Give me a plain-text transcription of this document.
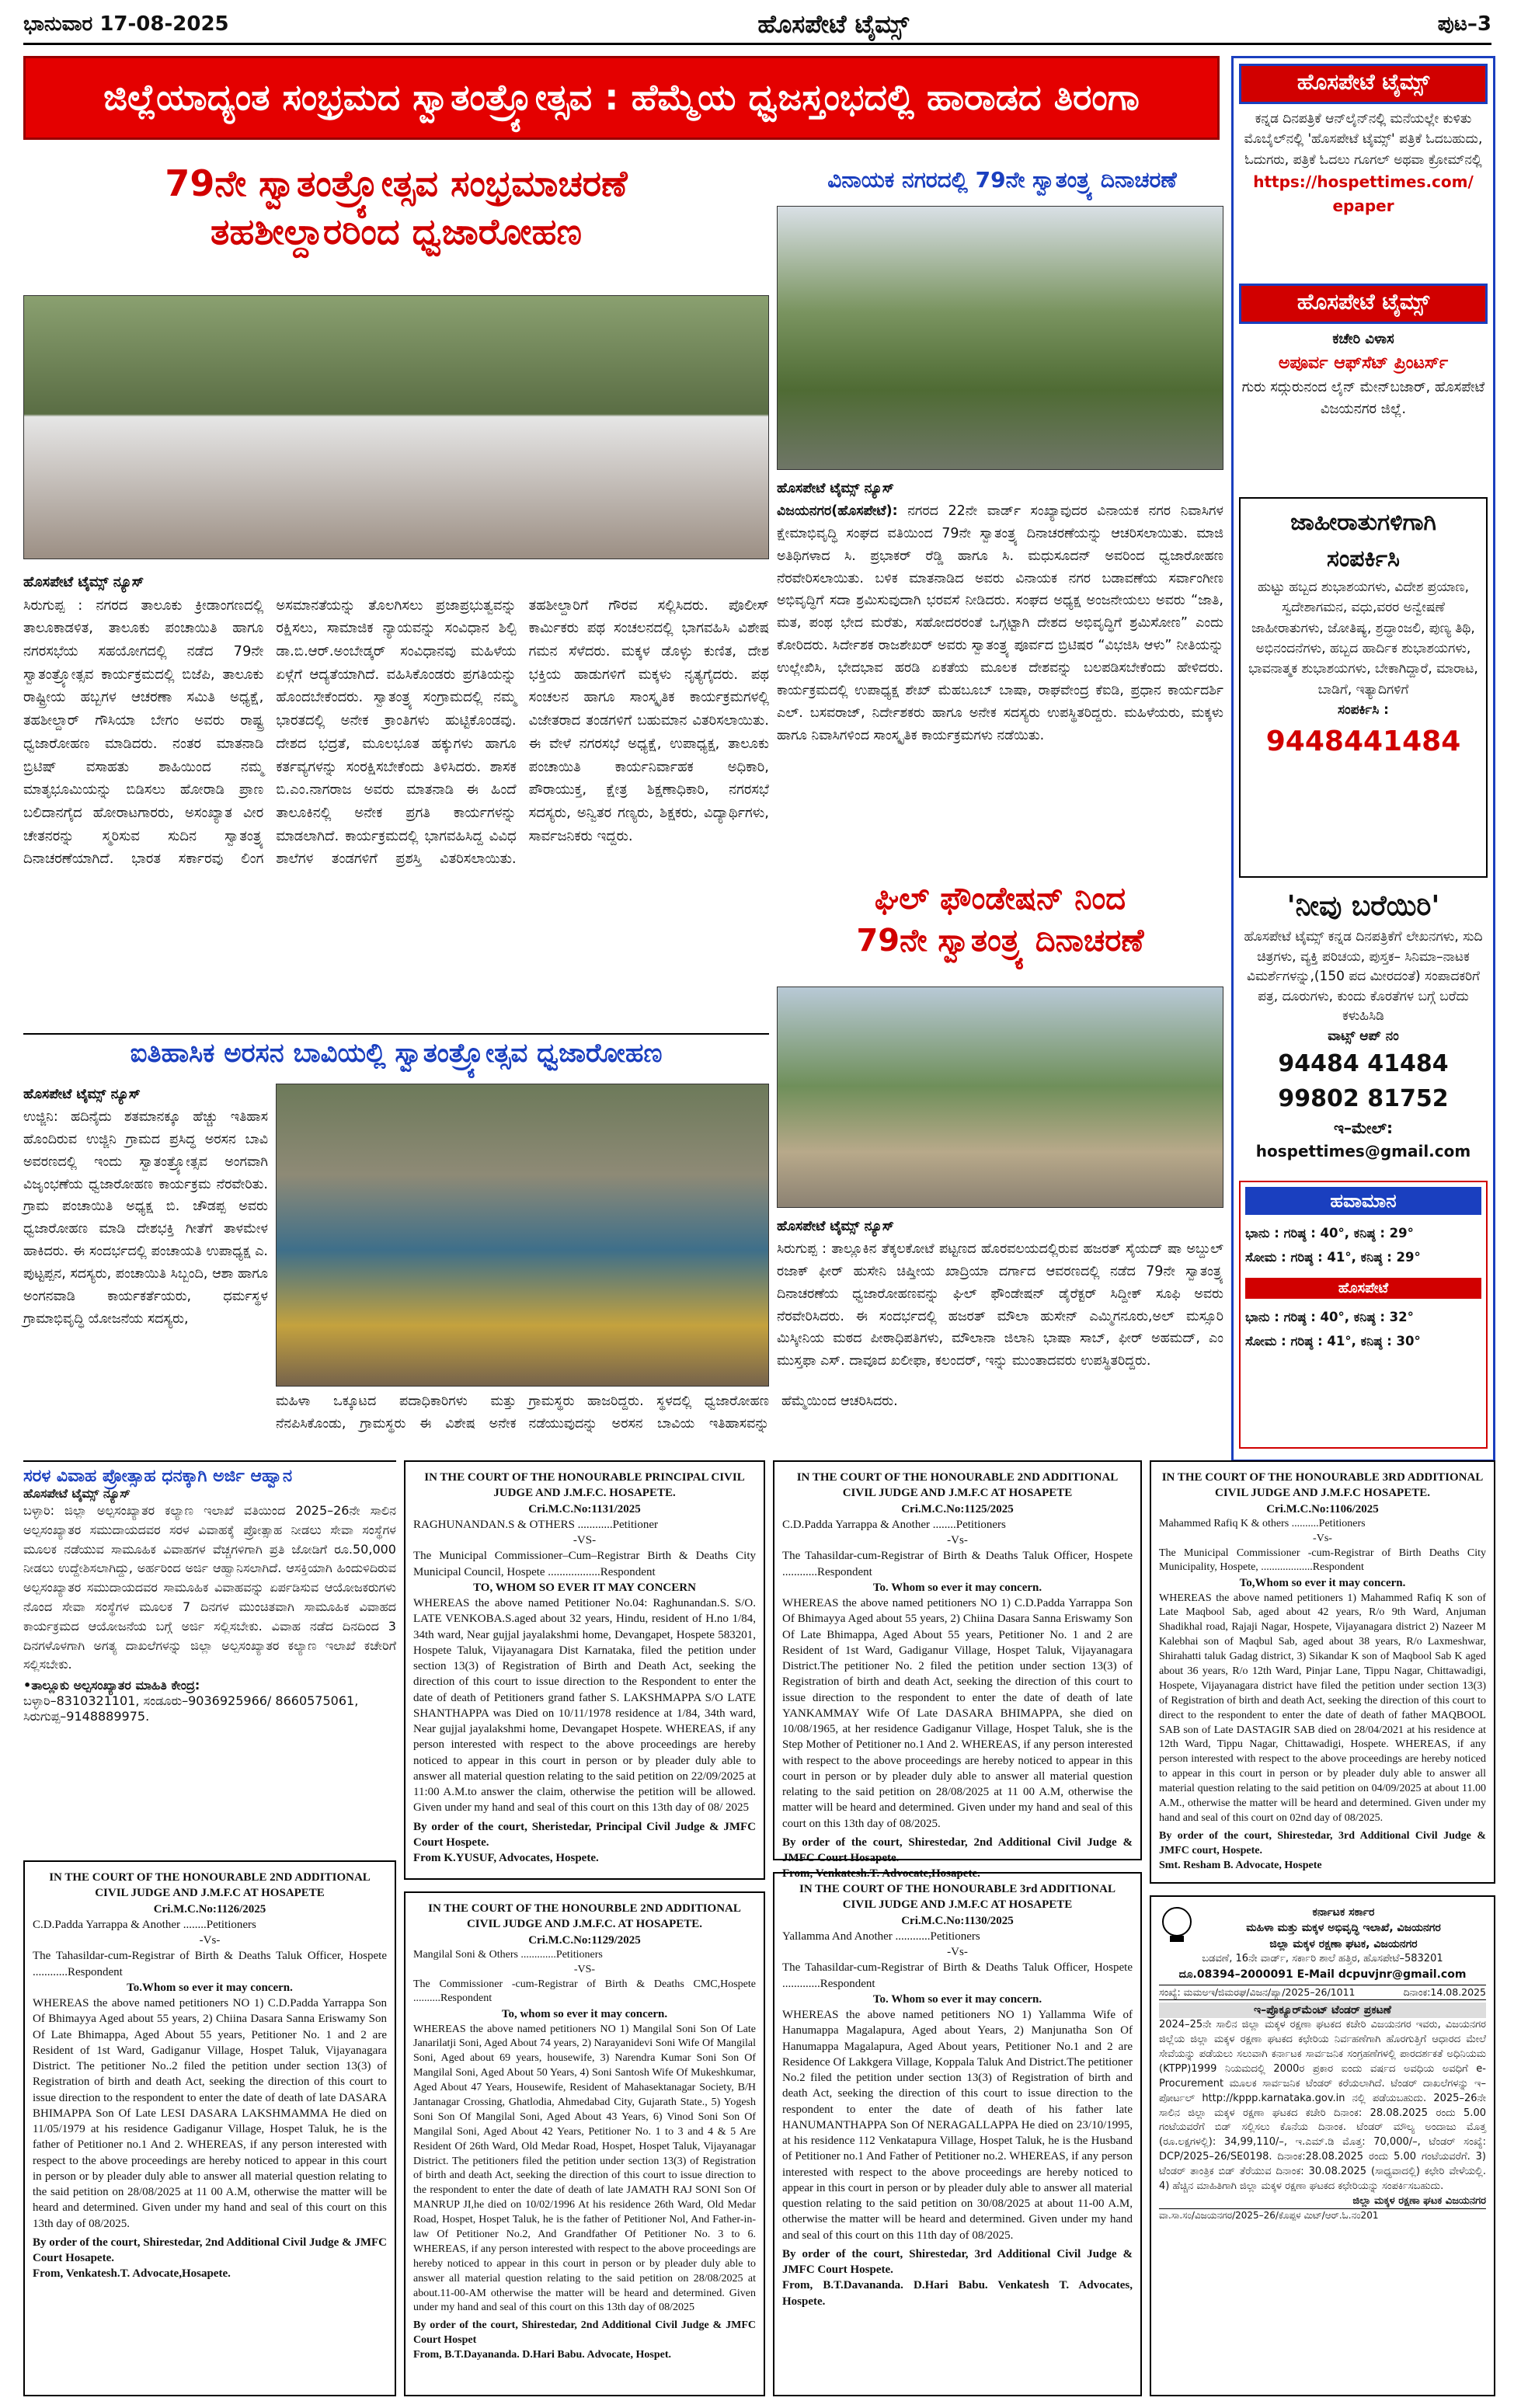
ಭಾನುವಾರ 17-08-2025	ಹೊಸಪೇಟೆ ಟೈಮ್ಸ್	ಪುಟ–3
ಜಿಲ್ಲೆಯಾದ್ಯಂತ ಸಂಭ್ರಮದ ಸ್ವಾತಂತ್ರ್ಯೋತ್ಸವ : ಹೆಮ್ಮೆಯ ಧ್ವಜಸ್ತಂಭದಲ್ಲಿ ಹಾರಾಡದ ತಿರಂಗಾ
79ನೇ ಸ್ವಾತಂತ್ರ್ಯೋತ್ಸವ ಸಂಭ್ರಮಾಚರಣೆ
ತಹಶೀಲ್ದಾರರಿಂದ ಧ್ವಜಾರೋಹಣ
ಹೊಸಪೇಟೆ ಟೈಮ್ಸ್ ನ್ಯೂಸ್
ಸಿರುಗುಪ್ಪ : ನಗರದ ತಾಲೂಕು ಕ್ರೀಡಾಂಗಣದಲ್ಲಿ ತಾಲೂಕಾಡಳಿತ, ತಾಲೂಕು ಪಂಚಾಯಿತಿ ಹಾಗೂ ನಗರಸಭೆಯ ಸಹಯೋಗದಲ್ಲಿ ನಡೆದ 79ನೇ ಸ್ವಾತಂತ್ರ್ಯೋತ್ಸವ ಕಾರ್ಯಕ್ರಮದಲ್ಲಿ ಬಿಜೆಪಿ, ತಾಲೂಕು ರಾಷ್ಟ್ರೀಯ ಹಬ್ಬಗಳ ಆಚರಣಾ ಸಮಿತಿ ಅಧ್ಯಕ್ಷೆ, ತಹಶೀಲ್ದಾರ್ ಗೌಸಿಯಾ ಬೇಗಂ ಅವರು ರಾಷ್ಟ್ರ ಧ್ವಜಾರೋಹಣ ಮಾಡಿದರು. ನಂತರ ಮಾತನಾಡಿ ಬ್ರಿಟಿಷ್ ವಸಾಹತು ಶಾಹಿಯಿಂದ ನಮ್ಮ ಮಾತೃಭೂಮಿಯನ್ನು ಬಿಡಿಸಲು ಹೋರಾಡಿ ಪ್ರಾಣ ಬಲಿದಾನಗೈದ ಹೋರಾಟಗಾರರು, ಅಸಂಖ್ಯಾತ ವೀರ ಚೇತನರನ್ನು ಸ್ಮರಿಸುವ ಸುದಿನ ಸ್ವಾತಂತ್ರ್ಯ ದಿನಾಚರಣೆಯಾಗಿದೆ. ಭಾರತ ಸರ್ಕಾರವು ಲಿಂಗ ಅಸಮಾನತೆಯನ್ನು ತೊಲಗಿಸಲು ಪ್ರಜಾಪ್ರಭುತ್ವವನ್ನು ರಕ್ಷಿಸಲು, ಸಾಮಾಜಿಕ ನ್ಯಾಯವನ್ನು ಸಂವಿಧಾನ ಶಿಲ್ಪಿ ಡಾ.ಬಿ.ಆರ್.ಅಂಬೇಡ್ಕರ್ ಸಂವಿಧಾನವು ಮಹಿಳೆಯ ಏಳ್ಗೆಗೆ ಆದ್ಯತೆಯಾಗಿದೆ. ವಹಿಸಿಕೊಂಡರು ಪ್ರಗತಿಯನ್ನು ಹೊಂದಬೇಕೆಂದರು. ಸ್ವಾತಂತ್ರ್ಯ ಸಂಗ್ರಾಮದಲ್ಲಿ ನಮ್ಮ ಭಾರತದಲ್ಲಿ ಅನೇಕ ಕ್ರಾಂತಿಗಳು ಹುಟ್ಟಿಕೊಂಡವು. ದೇಶದ ಭದ್ರತೆ, ಮೂಲಭೂತ ಹಕ್ಕುಗಳು ಹಾಗೂ ಕರ್ತವ್ಯಗಳನ್ನು ಸಂರಕ್ಷಿಸಬೇಕೆಂದು ತಿಳಿಸಿದರು. ಶಾಸಕ ಬಿ.ಎಂ.ನಾಗರಾಜ ಅವರು ಮಾತನಾಡಿ ಈ ಹಿಂದೆ ತಾಲೂಕಿನಲ್ಲಿ ಅನೇಕ ಪ್ರಗತಿ ಕಾರ್ಯಗಳನ್ನು ಮಾಡಲಾಗಿದೆ. ಕಾರ್ಯಕ್ರಮದಲ್ಲಿ ಭಾಗವಹಿಸಿದ್ದ ವಿವಿಧ ಶಾಲೆಗಳ ತಂಡಗಳಿಗೆ ಪ್ರಶಸ್ತಿ ವಿತರಿಸಲಾಯಿತು. ತಹಶೀಲ್ದಾರಿಗೆ ಗೌರವ ಸಲ್ಲಿಸಿದರು. ಪೊಲೀಸ್ ಕಾರ್ಮಿಕರು ಪಥ ಸಂಚಲನದಲ್ಲಿ ಭಾಗವಹಿಸಿ ವಿಶೇಷ ಗಮನ ಸೆಳೆದರು. ಮಕ್ಕಳ ಡೊಳ್ಳು ಕುಣಿತ, ದೇಶ ಭಕ್ತಿಯ ಹಾಡುಗಳಿಗೆ ಮಕ್ಕಳು ನೃತ್ಯಗೈದರು. ಪಥ ಸಂಚಲನ ಹಾಗೂ ಸಾಂಸ್ಕೃತಿಕ ಕಾರ್ಯಕ್ರಮಗಳಲ್ಲಿ ವಿಜೇತರಾದ ತಂಡಗಳಿಗೆ ಬಹುಮಾನ ವಿತರಿಸಲಾಯಿತು. ಈ ವೇಳೆ ನಗರಸಭೆ ಅಧ್ಯಕ್ಷೆ, ಉಪಾಧ್ಯಕ್ಷ, ತಾಲೂಕು ಪಂಚಾಯಿತಿ ಕಾರ್ಯನಿರ್ವಾಹಕ ಅಧಿಕಾರಿ, ಪೌರಾಯುಕ್ತ, ಕ್ಷೇತ್ರ ಶಿಕ್ಷಣಾಧಿಕಾರಿ, ನಗರಸಭೆ ಸದಸ್ಯರು, ಅನ್ವಿತರ ಗಣ್ಯರು, ಶಿಕ್ಷಕರು, ವಿದ್ಯಾರ್ಥಿಗಳು, ಸಾರ್ವಜನಿಕರು ಇದ್ದರು.
ವಿನಾಯಕ ನಗರದಲ್ಲಿ 79ನೇ ಸ್ವಾತಂತ್ರ್ಯ ದಿನಾಚರಣೆ
ಹೊಸಪೇಟೆ ಟೈಮ್ಸ್ ನ್ಯೂಸ್
ವಿಜಯನಗರ(ಹೊಸಪೇಟೆ): ನಗರದ 22ನೇ ವಾರ್ಡ್ ಸಂಖ್ಯಾವುದರ ವಿನಾಯಕ ನಗರ ನಿವಾಸಿಗಳ ಕ್ಷೇಮಾಭಿವೃದ್ಧಿ ಸಂಘದ ವತಿಯಿಂದ 79ನೇ ಸ್ವಾತಂತ್ರ್ಯ ದಿನಾಚರಣೆಯನ್ನು ಆಚರಿಸಲಾಯಿತು. ಮಾಜಿ ಅತಿಥಿಗಳಾದ ಸಿ. ಪ್ರಭಾಕರ್ ರೆಡ್ಡಿ ಹಾಗೂ ಸಿ. ಮಧುಸೂದನ್ ಅವರಿಂದ ಧ್ವಜಾರೋಹಣ ನೆರವೇರಿಸಲಾಯಿತು. ಬಳಿಕ ಮಾತನಾಡಿದ ಅವರು ವಿನಾಯಕ ನಗರ ಬಡಾವಣೆಯ ಸರ್ವಾಂಗೀಣ ಅಭಿವೃದ್ಧಿಗೆ ಸದಾ ಶ್ರಮಿಸುವುದಾಗಿ ಭರವಸೆ ನೀಡಿದರು. ಸಂಘದ ಅಧ್ಯಕ್ಷ ಅಂಜನೇಯಲು ಅವರು “ಜಾತಿ, ಮತ, ಪಂಥ ಭೇದ ಮರೆತು, ಸಹೋದರರಂತೆ ಒಗ್ಗಟ್ಟಾಗಿ ದೇಶದ ಅಭಿವೃದ್ಧಿಗೆ ಶ್ರಮಿಸೋಣ” ಎಂದು ಕೋರಿದರು. ಸಿರ್ದೇಶಕ ರಾಜಶೇಖರ್ ಅವರು ಸ್ವಾತಂತ್ರ್ಯ ಪೂರ್ವದ ಬ್ರಿಟಿಷರ “ವಿಭಜಿಸಿ ಆಳು” ನೀತಿಯನ್ನು ಉಲ್ಲೇಖಿಸಿ, ಭೇದಭಾವ ಹರಡಿ ಏಕತೆಯ ಮೂಲಕ ದೇಶವನ್ನು ಬಲಪಡಿಸಬೇಕೆಂದು ಹೇಳಿದರು. ಕಾರ್ಯಕ್ರಮದಲ್ಲಿ ಉಪಾಧ್ಯಕ್ಷ ಶೇಖ್ ಮೆಹಬೂಬ್ ಬಾಷಾ, ರಾಘವೇಂದ್ರ ಕೆಐಡಿ, ಪ್ರಧಾನ ಕಾರ್ಯದರ್ಶಿ ಎಲ್. ಬಸವರಾಜ್, ನಿರ್ದೇಶಕರು ಹಾಗೂ ಅನೇಕ ಸದಸ್ಯರು ಉಪಸ್ಥಿತರಿದ್ದರು. ಮಹಿಳೆಯರು, ಮಕ್ಕಳು ಹಾಗೂ ನಿವಾಸಿಗಳಿಂದ ಸಾಂಸ್ಕೃತಿಕ ಕಾರ್ಯಕ್ರಮಗಳು ನಡೆಯಿತು.
ಘಿಲ್ ಫೌಂಡೇಷನ್ ನಿಂದ
79ನೇ ಸ್ವಾತಂತ್ರ್ಯ ದಿನಾಚರಣೆ
ಹೊಸಪೇಟೆ ಟೈಮ್ಸ್ ನ್ಯೂಸ್
ಸಿರುಗುಪ್ಪ : ತಾಲ್ಲೂಕಿನ ತೆಕ್ಕಲಕೋಟೆ ಪಟ್ಟಣದ ಹೊರವಲಯದಲ್ಲಿರುವ ಹಜರತ್ ಸೈಯದ್ ಷಾ ಅಬ್ದುಲ್ ರಜಾಕ್ ಫೀರ್ ಹುಸೇನಿ ಚಿಷ್ತೀಯ ಖಾದ್ರಿಯಾ ದರ್ಗಾದ ಆವರಣದಲ್ಲಿ ನಡೆದ 79ನೇ ಸ್ವಾತಂತ್ರ್ಯ ದಿನಾಚರಣೆಯ ಧ್ವಜಾರೋಹಣವನ್ನು ಘಿಲ್ ಫೌಂಡೇಷನ್ ಡೈರೆಕ್ಟರ್ ಸಿದ್ದೀಕ್ ಸೂಫಿ ಅವರು ನೆರವೇರಿಸಿದರು. ಈ ಸಂದರ್ಭದಲ್ಲಿ ಹಜರತ್ ಮೌಲಾ ಹುಸೇನ್ ಎಮ್ಮಿಗನೂರು,ಅಲ್ ಮಸ್ಸೂರಿ ಮಿಸ್ಕೀನಿಯ ಮಠದ ಪೀಠಾಧಿಪತಿಗಳು, ಮೌಲಾನಾ ಜಿಲಾನಿ ಭಾಷಾ ಸಾಬ್, ಫೀರ್ ಅಹಮದ್, ಎಂ ಮುಸ್ತಫಾ ಎಸ್. ದಾವೂದ ಖಲೀಫಾ, ಕಲಂದರ್, ಇನ್ನು ಮುಂತಾದವರು ಉಪಸ್ಥಿತರಿದ್ದರು.
ಐತಿಹಾಸಿಕ ಅರಸನ ಬಾವಿಯಲ್ಲಿ ಸ್ವಾತಂತ್ರ್ಯೋತ್ಸವ ಧ್ವಜಾರೋಹಣ
ಹೊಸಪೇಟೆ ಟೈಮ್ಸ್ ನ್ಯೂಸ್
ಉಜ್ಜಿನಿ: ಹದಿನೈದು ಶತಮಾನಕ್ಕೂ ಹೆಚ್ಚು ಇತಿಹಾಸ ಹೊಂದಿರುವ ಉಜ್ಜಿನಿ ಗ್ರಾಮದ ಪ್ರಸಿದ್ಧ ಅರಸನ ಬಾವಿ ಅವರಣದಲ್ಲಿ ಇಂದು ಸ್ವಾತಂತ್ರ್ಯೋತ್ಸವ ಅಂಗವಾಗಿ ವಿಜೃಂಭಣೆಯ ಧ್ವಜಾರೋಹಣ ಕಾರ್ಯಕ್ರಮ ನೆರವೇರಿತು. ಗ್ರಾಮ ಪಂಚಾಯಿತಿ ಅಧ್ಯಕ್ಷ ಬಿ. ಚೌಡಪ್ಪ ಅವರು ಧ್ವಜಾರೋಹಣ ಮಾಡಿ ದೇಶಭಕ್ತಿ ಗೀತೆಗೆ ತಾಳಮೇಳ ಹಾಕಿದರು. ಈ ಸಂದರ್ಭದಲ್ಲಿ ಪಂಚಾಯತಿ ಉಪಾಧ್ಯಕ್ಷ ಎ. ಪುಟ್ಟಪ್ಪನ, ಸದಸ್ಯರು, ಪಂಚಾಯಿತಿ ಸಿಬ್ಬಂದಿ, ಆಶಾ ಹಾಗೂ ಅಂಗನವಾಡಿ ಕಾರ್ಯಕರ್ತೆಯರು, ಧರ್ಮಸ್ಥಳ ಗ್ರಾಮಾಭಿವೃದ್ಧಿ ಯೋಜನೆಯ ಸದಸ್ಯರು,
ಮಹಿಳಾ ಒಕ್ಕೂಟದ ಪದಾಧಿಕಾರಿಗಳು ಮತ್ತು ನೆನಪಿಸಿಕೊಂಡು, ಗ್ರಾಮಸ್ಥರು ಈ ವಿಶೇಷ ಅನೇಕ ಗ್ರಾಮಸ್ಥರು ಹಾಜರಿದ್ದರು. ಸ್ಥಳದಲ್ಲಿ ಧ್ವಜಾರೋಹಣ ನಡೆಯುವುದನ್ನು ಅರಸನ ಬಾವಿಯ ಇತಿಹಾಸವನ್ನು ಹೆಮ್ಮೆಯಿಂದ ಆಚರಿಸಿದರು.
ಹೊಸಪೇಟೆ ಟೈಮ್ಸ್
ಕನ್ನಡ ದಿನಪತ್ರಿಕೆ ಆನ್‌ಲೈನ್‌ನಲ್ಲಿ ಮನೆಯಲ್ಲೇ ಕುಳಿತು ಮೊಬೈಲ್‌ನಲ್ಲಿ 'ಹೊಸಪೇಟೆ ಟೈಮ್ಸ್' ಪತ್ರಿಕೆ ಓದಬಹುದು, ಓದುಗರು, ಪತ್ರಿಕೆ ಓದಲು ಗೂಗಲ್ ಅಥವಾ ಕ್ರೋಮ್‌ನಲ್ಲಿ
https://hospettimes.com/ epaper
ಹೊಸಪೇಟೆ ಟೈಮ್ಸ್
ಕಚೇರಿ ವಿಳಾಸ
ಅಪೂರ್ವ ಆಫ್‌ಸೆಟ್ ಪ್ರಿಂಟರ್ಸ್
ಗುರು ಸದ್ಗುರುನಂದ ಲೈನ್ ಮೇನ್‌ಬಜಾರ್, ಹೊಸಪೇಟೆ
ವಿಜಯನಗರ ಜಿಲ್ಲೆ.
ಜಾಹೀರಾತುಗಳಿಗಾಗಿ
ಸಂಪರ್ಕಿಸಿ
ಹುಟ್ಟು ಹಬ್ಬದ ಶುಭಾಶಯಗಳು, ವಿದೇಶ ಪ್ರಯಾಣ, ಸ್ವದೇಶಾಗಮನ, ವಧು,ವರರ ಅನ್ವೇಷಣೆ ಜಾಹೀರಾತುಗಳು, ಜೋತಿಷ್ಯ, ಶ್ರದ್ಧಾಂಜಲಿ, ಪುಣ್ಯ ತಿಥಿ, ಅಭಿನಂದನೆಗಳು, ಹಬ್ಬದ ಹಾರ್ದಿಕ ಶುಭಾಶಯಗಳು, ಭಾವನಾತ್ಮಕ ಶುಭಾಶಯಗಳು, ಬೇಕಾಗಿದ್ದಾರೆ, ಮಾರಾಟ, ಬಾಡಿಗೆ, ಇತ್ಯಾದಿಗಳಿಗೆ
ಸಂಪರ್ಕಿಸಿ :
9448441484
'ನೀವು ಬರೆಯಿರಿ'
ಹೊಸಪೇಟೆ ಟೈಮ್ಸ್ ಕನ್ನಡ ದಿನಪತ್ರಿಕೆಗೆ ಲೇಖನಗಳು, ಸುದಿ ಚಿತ್ರಗಳು, ವ್ಯಕ್ತಿ ಪರಿಚಯ, ಪುಸ್ತಕ– ಸಿನಿಮಾ–ನಾಟಕ ವಿಮರ್ಶೆಗಳನ್ನು,(150 ಪದ ಮೀರದಂತೆ) ಸಂಪಾದಕರಿಗೆ ಪತ್ರ, ದೂರುಗಳು, ಕುಂದು ಕೊರತೆಗಳ ಬಗ್ಗೆ ಬರೆದು ಕಳುಹಿಸಿಡಿ
ವಾಟ್ಸ್ ಆಪ್ ನಂ
94484 41484
99802 81752
ಇ–ಮೇಲ್: hospettimes@gmail.com
ಹವಾಮಾನ
ಭಾನು : ಗರಿಷ್ಠ : 40°, ಕನಿಷ್ಠ : 29°
ಸೋಮ : ಗರಿಷ್ಠ : 41°, ಕನಿಷ್ಠ : 29°
ಹೊಸಪೇಟೆ
ಭಾನು : ಗರಿಷ್ಠ : 40°, ಕನಿಷ್ಠ : 32°
ಸೋಮ : ಗರಿಷ್ಠ : 41°, ಕನಿಷ್ಠ : 30°
ಸರಳ ವಿವಾಹ ಪ್ರೋತ್ಸಾಹ ಧನಕ್ಕಾಗಿ ಅರ್ಜಿ ಆಹ್ವಾನ
ಹೊಸಪೇಟೆ ಟೈಮ್ಸ್ ನ್ಯೂಸ್
ಬಳ್ಳಾರಿ: ಜಿಲ್ಲಾ ಅಲ್ಪಸಂಖ್ಯಾತರ ಕಲ್ಯಾಣ ಇಲಾಖೆ ವತಿಯಿಂದ 2025–26ನೇ ಸಾಲಿನ ಅಲ್ಪಸಂಖ್ಯಾತರ ಸಮುದಾಯದವರ ಸರಳ ವಿವಾಹಕ್ಕೆ ಪ್ರೋತ್ಸಾಹ ನೀಡಲು ಸೇವಾ ಸಂಸ್ಥೆಗಳ ಮೂಲಕ ನಡೆಯುವ ಸಾಮೂಹಿಕ ವಿವಾಹಗಳ ವೆಚ್ಚಗಳಿಗಾಗಿ ಪ್ರತಿ ಜೋಡಿಗೆ ರೂ.50,000 ನೀಡಲು ಉದ್ದೇಶಿಸಲಾಗಿದ್ದು, ಅರ್ಹರಿಂದ ಅರ್ಜಿ ಆಹ್ವಾನಿಸಲಾಗಿದೆ. ಆಸಕ್ತಿಯಾಗಿ ಹಿಂದುಳಿದಿರುವ ಅಲ್ಪಸಂಖ್ಯಾತರ ಸಮುದಾಯದವರ ಸಾಮೂಹಿಕ ವಿವಾಹವನ್ನು ಏರ್ಪಡಿಸುವ ಆಯೋಜಕರುಗಳು ನೊಂದ ಸೇವಾ ಸಂಸ್ಥೆಗಳ ಮೂಲಕ 7 ದಿನಗಳ ಮುಂಚಿತವಾಗಿ ಸಾಮೂಹಿಕ ವಿವಾಹದ ಕಾರ್ಯಕ್ರಮದ ಆಯೋಜನೆಯ ಬಗ್ಗೆ ಅರ್ಜಿ ಸಲ್ಲಿಸಬೇಕು. ವಿವಾಹ ನಡೆದ ದಿನದಿಂದ 3 ದಿನಗಳೊಳಗಾಗಿ ಅಗತ್ಯ ದಾಖಲೆಗಳನ್ನು ಜಿಲ್ಲಾ ಅಲ್ಪಸಂಖ್ಯಾತರ ಕಲ್ಯಾಣ ಇಲಾಖೆ ಕಚೇರಿಗೆ ಸಲ್ಲಿಸಬೇಕು.
•ತಾಲ್ಲೂಕು ಅಲ್ಪಸಂಖ್ಯಾತರ ಮಾಹಿತಿ ಕೇಂದ್ರ:
ಬಳ್ಳಾರಿ–8310321101, ಸಂಡೂರು–9036925966/ 8660575061, ಸಿರುಗುಪ್ಪ–9148889975.
IN THE COURT OF THE HONOURABLE PRINCIPAL CIVIL JUDGE AND J.M.F.C. HOSAPETE.
Cri.M.C.No:1131/2025
RAGHUNANDAN.S & OTHERS ............Petitioner
-VS-
The Municipal Commissioner–Cum–Registrar Birth & Deaths City Municipal Council, Hospete ..................Respondent
TO, WHOM SO EVER IT MAY CONCERN
WHEREAS the above named Petitioner No.04: Raghunandan.S. S/O. LATE VENKOBA.S.aged about 32 years, Hindu, resident of H.no 1/84, 34th ward, Near gujjal jayalakshmi home, Devangapet, Hospete 583201, Hospete Taluk, Vijayanagara Dist Karnataka, filed the petition under section 13(3) of Registration of Birth and Death Act, seeking the direction of this court to issue direction to the Respondent to enter the date of death of Petitioners grand father S. LAKSHMAPPA S/O LATE SHANTHAPPA was Died on 10/11/1978 residence at 1/84, 34th ward, Near gujjal jayalakshmi home, Devangapet Hospete. WHEREAS, if any person interested with respect to the above proceedings are hereby noticed to appear in this court in person or by pleader duly able to answer all material question relating to the said petition on 22/09/2025 at 11:00 A.M.to answer the claim, otherwise the petition will be allowed. Given under my hand and seal of this court on this 13th day of 08/ 2025
By order of the court, Sheristedar, Principal Civil Judge & JMFC Court Hospete.
From K.YUSUF, Advocates, Hospete.
IN THE COURT OF THE HONOURABLE 2ND ADDITIONAL CIVIL JUDGE AND J.M.F.C AT HOSAPETE
Cri.M.C.No:1125/2025
C.D.Padda Yarrappa & Another ........Petitioners
-Vs-
The Tahasildar-cum-Registrar of Birth & Deaths Taluk Officer, Hospete ............Respondent
To. Whom so ever it may concern.
WHEREAS the above named petitioners NO 1) C.D.Padda Yarrappa Son Of Bhimayya Aged about 55 years, 2) Chiina Dasara Sanna Eriswamy Son Of Late Bhimappa, Aged About 55 years, Petitioner No. 1 and 2 are Resident of 1st Ward, Gadiganur Village, Hospet Taluk, Vijayanagara District.The petitioner No. 2 filed the petition under section 13(3) of Registration of birth and death Act, seeking the direction of this court to issue direction to the respondent to enter the date of death of late YANKAMMAY Wife Of Late DASARA BHIMAPPA, she died on 10/08/1965, at her residence Gadiganur Village, Hospet Taluk, she is the Step Mother of Petitioner no.1 And 2. WHEREAS, if any person interested with respect to the above proceedings are hereby noticed to appear in this court in person or by pleader duly able to answer all material question relating to the said petition on 28/08/2025 at 11 00 A.M, otherwise the matter will be heard and determined. Given under my hand and seal of this court on this 13th day of 08/2025.
By order of the court, Shirestedar, 2nd Additional Civil Judge & JMFC Court Hosapete.
From, Venkatesh.T. Advocate,Hosapete.
IN THE COURT OF THE HONOURABLE 3RD ADDITIONAL CIVIL JUDGE AND J.M.F.C HOSAPETE.
Cri.M.C.No:1106/2025
Mahammed Rafiq K & others ..........Petitioners
-Vs-
The Municipal Commissioner -cum-Registrar of Birth Deaths City Municipality, Hospete, ...................Respondent
To,Whom so ever it may concern.
WHEREAS the above named petitioners 1) Mahammed Rafiq K son of Late Maqbool Sab, aged about 42 years, R/o 9th Ward, Anjuman Shadikhal road, Rajaji Nagar, Hospete, Vijayanagara district 2) Nazeer M Kalebhai son of Maqbul Sab, aged about 38 years, R/o Laxmeshwar, Shirahatti taluk Gadag district, 3) Sikandar K son of Maqbool Sab K aged about 36 years, R/o 12th Ward, Pinjar Lane, Tippu Nagar, Chittawadigi, Hospete, Vijayanagara district have filed the petition under section 13(3) of Registration of birth and death Act, seeking the direction of this court to direct to the respondent to enter the date of death of father MAQBOOL SAB son of Late DASTAGIR SAB died on 28/04/2021 at his residence at 12th Ward, Tippu Nagar, Chittawadigi, Hospete. WHEREAS, if any person interested with respect to the above proceedings are hereby noticed to appear in this court in person or by pleader duly able to answer all material question relating to the said petition on 04/09/2025 at about 11.00 A.M., otherwise the matter will be heard and determined. Given under my hand and seal of this court on 02nd day of 08/2025.
By order of the court, Shirestedar, 3rd Additional Civil Judge & JMFC court, Hospete.
Smt. Resham B. Advocate, Hospete
IN THE COURT OF THE HONOURABLE 2ND ADDITIONAL CIVIL JUDGE AND J.M.F.C AT HOSAPETE
Cri.M.C.No:1126/2025
C.D.Padda Yarrappa & Another ........Petitioners
-Vs-
The Tahasildar-cum-Registrar of Birth & Deaths Taluk Officer, Hospete ............Respondent
To.Whom so ever it may concern.
WHEREAS the above named petitioners NO 1) C.D.Padda Yarrappa Son Of Bhimayya Aged about 55 years, 2) Chiina Dasara Sanna Eriswamy Son Of Late Bhimappa, Aged About 55 years, Petitioner No. 1 and 2 are Resident of 1st Ward, Gadiganur Village, Hospet Taluk, Vijayanagara District. The petitioner No..2 filed the petition under section 13(3) of Registration of birth and death Act, seeking the direction of this court to issue direction to the respondent to enter the date of death of late DASARA BHIMAPPA Son Of Late LESI DASARA LAKSHMAMMA He died on 11/05/1979 at his residence Gadiganur Village, Hospet Taluk, he is the father of Petitioner no.1 And 2. WHEREAS, if any person interested with respect to the above proceedings are hereby noticed to appear in this court in person or by pleader duly able to answer all material question relating to the said petition on 28/08/2025 at 11 00 A.M, otherwise the matter will be heard and determined. Given under my hand and seal of this court on this 13th day of 08/2025.
By order of the court, Shirestedar, 2nd Additional Civil Judge & JMFC Court Hosapete.
From, Venkatesh.T. Advocate,Hosapete.
IN THE COURT OF THE HONOURBLE 2ND ADDITIONAL CIVIL JUDGE AND J.M.F.C. AT HOSAPETE.
Cri.M.C.No:1129/2025
Mangilal Soni & Others .............Petitioners
-VS-
The Commissioner -cum-Registrar of Birth & Deaths CMC,Hospete ..........Respondent
To, whom so ever it may concern.
WHEREAS the above named petitioners NO 1) Mangilal Soni Son Of Late Janarilatji Soni, Aged About 74 years, 2) Narayanidevi Soni Wife Of Mangilal Soni, Aged about 69 years, housewife, 3) Narendra Kumar Soni Son Of Mangilal Soni, Aged About 50 Years, 4) Soni Santosh Wife Of Mukeshkumar, Aged About 47 Years, Housewife, Resident of Mahasektanagar Society, B/H Jantanagar Crossing, Ghatlodia, Ahmedabad City, Gujarath State., 5) Yogesh Soni Son Of Mangilal Soni, Aged About 43 Years, 6) Vinod Soni Son Of Mangilal Soni, Aged About 42 Years, Petitioner No. 1 to 3 and 4 & 5 Are Resident Of 26th Ward, Old Medar Road, Hospet, Hospet Taluk, Vijayanagar District. The petitioners filed the petition under section 13(3) of Registration of birth and death Act, seeking the direction of this court to issue direction to the respondent to enter the date of death of late JAMATH RAJ SONI Son Of MANRUP JI,he died on 10/02/1996 At his residence 26th Ward, Old Medar Road, Hospet, Hospet Taluk, he is the father of Petitioner Nol, And Father-in-law Of Petitioner No.2, And Grandfather Of Petitioner No. 3 to 6. WHEREAS, if any person interested with respect to the above proceedings are hereby noticed to appear in this court in person or by pleader duly able to answer all material question relating to the said petition on 28/08/2025 at about.11-00-AM otherwise the matter will be heard and determined. Given under my hand and seal of this court on this 13th day of 08/2025
By order of the court, Shirestedar, 2nd Additional Civil Judge & JMFC Court Hospet
From, B.T.Dayananda. D.Hari Babu. Advocate, Hospet.
IN THE COURT OF THE HONOURABLE 3rd ADDITIONAL CIVIL JUDGE AND J.M.F.C AT HOSAPETE
Cri.M.C.No:1130/2025
Yallamma And Another ............Petitioners
-Vs-
The Tahasildar-cum-Registrar of Birth & Deaths Taluk Officer, Hospete .............Respondent
To. Whom so ever it may concern.
WHEREAS the above named petitioners NO 1) Yallamma Wife of Hanumappa Magalapura, Aged about Years, 2) Manjunatha Son Of Hanumappa Magalapura, Aged About years, Petitioner No.1 and 2 are Residence Of Lakkgera Village, Koppala Taluk And District.The petitioner No.2 filed the petition under section 13(3) of Registration of birth and death Act, seeking the direction of this court to issue direction to the respondent to enter the date of death of his father late HANUMANTHAPPA Son Of NERAGALLAPPA He died on 23/10/1995, at his residence 112 Venkatapura Village, Hospet Taluk, he is the Husband of Petitioner no.1 And Father of Petitioner no.2. WHEREAS, if any person interested with respect to the above proceedings are hereby noticed to appear in this court in person or by pleader duly able to answer all material question relating to the said petition on 30/08/2025 at about 11-00 A.M, otherwise the matter will be heard and determined. Given under my hand and seal of this court on this 11th day of 08/2025.
By order of the court, Shirestedar, 3rd Additional Civil Judge & JMFC Court Hospete.
From, B.T.Davananda. D.Hari Babu. Venkatesh T. Advocates, Hospete.
ಕರ್ನಾಟಕ ಸರ್ಕಾರ
ಮಹಿಳಾ ಮತ್ತು ಮಕ್ಕಳ ಅಭಿವೃದ್ಧಿ ಇಲಾಖೆ, ವಿಜಯನಗರ
ಜಿಲ್ಲಾ ಮಕ್ಕಳ ರಕ್ಷಣಾ ಘಟಕ, ವಿಜಯನಗರ
ಬಡವಣೆ, 16ನೇ ವಾರ್ಡ್, ಸರ್ಕಾರಿ ಶಾಲೆ ಹತ್ತಿರ, ಹೊಸಪೇಟೆ–583201
ದೂ.08394–2000091 E-Mail dcpuvjnr@gmail.com
ಸಂಖ್ಯೆ: ಮಮಅಇ/ಜಿಮರಘ/ವಿಜನ/ಪ್ಯಾ/2025–26/1011	ದಿನಾಂಕ:14.08.2025
ಇ–ಪ್ರೊಕ್ಯೂರ್‌ಮೆಂಟ್ ಟೆಂಡರ್ ಪ್ರಕಟಣೆ
2024–25ನೇ ಸಾಲಿನ ಜಿಲ್ಲಾ ಮಕ್ಕಳ ರಕ್ಷಣಾ ಘಟಕದ ಕಚೇರಿ ವಿಜಯನಗರ ಇವರು, ವಿಜಯನಗರ ಜಿಲ್ಲೆಯ ಜಿಲ್ಲಾ ಮಕ್ಕಳ ರಕ್ಷಣಾ ಘಟಕದ ಕಛೇರಿಯ ನಿರ್ವಹಣೆಗಾಗಿ ಹೊರಗುತ್ತಿಗೆ ಆಧಾರದ ಮೇಲೆ ಸೇವೆಯನ್ನು ಪಡೆಯಲು ಸಲುವಾಗಿ ಕರ್ನಾಟಕ ಸಾರ್ವಜನಿಕ ಸಂಗ್ರಹಣೆಗಳಲ್ಲಿ ಪಾರದರ್ಶಕತೆ ಅಧಿನಿಯಮ (KTPP)1999 ನಿಯಮದಲ್ಲಿ 2000ರ ಪ್ರಕಾರ ಐಂದು ವರ್ಷದ ಅವಧಿಯ ಅವಧಿಗೆ e-Procurement ಮೂಲಕ ಸಾರ್ವಜನಿಕ ಟೆಂಡರ್‌ ಕರೆಯಲಾಗಿದೆ. ಟೆಂಡರ್ ದಾಖಲೆಗಳನ್ನು ಇ–ಪೋರ್ಟಲ್ http://kppp.karnataka.gov.in ನಲ್ಲಿ ಪಡೆಯಬಹುದು. 2025–26ನೇ ಸಾಲಿನ ಜಿಲ್ಲಾ ಮಕ್ಕಳ ರಕ್ಷಣಾ ಘಟಕದ ಕಚೇರಿ ದಿನಾಂಕ: 28.08.2025 ರಂದು 5.00 ಗಂಟೆಯವರೆಗೆ ಬಿಡ್ ಸಲ್ಲಿಸಲು ಕೊನೆಯ ದಿನಾಂಕ. ಟೆಂಡರ್‌ ಮೌಲ್ಯ ಅಂದಾಜು ಮೊತ್ತ (ರೂ.ಲಕ್ಷಗಳಲ್ಲಿ): 34,99,110/–, ಇ.ಎಮ್.ಡಿ ಮೊತ್ತ: 70,000/–, ಟೆಂಡರ್ ಸಂಖ್ಯೆ: DCP/2025–26/SE0198. ದಿನಾಂಕ:28.08.2025 ರಂದು 5.00 ಗಂಟೆಯವರೆಗೆ. 3) ಟೆಂಡರ್ ತಾಂತ್ರಿಕ ಬಿಡ್ ತೆರೆಯುವ ದಿನಾಂಕ: 30.08.2025 (ಸಾಧ್ಯವಾದಲ್ಲಿ) ಕಛೇರಿ ವೇಳೆಯಲ್ಲಿ. 4) ಹೆಚ್ಚಿನ ಮಾಹಿತಿಗಾಗಿ ಜಿಲ್ಲಾ ಮಕ್ಕಳ ರಕ್ಷಣಾ ಘಟಕದ ಕಛೇರಿಯನ್ನು ಸಂಪರ್ಕಿಸಬಹುದು.
ಜಿಲ್ಲಾ ಮಕ್ಕಳ ರಕ್ಷಣಾ ಘಟಕ ವಿಜಯನಗರ
ವಾ.ಸಾ.ಸಂ/ವಿಜಯನಗರ/2025–26/ಕೊಪ್ಪಳ ಮಿಟ್/ಆರ್.ಓ.ನಂ201
